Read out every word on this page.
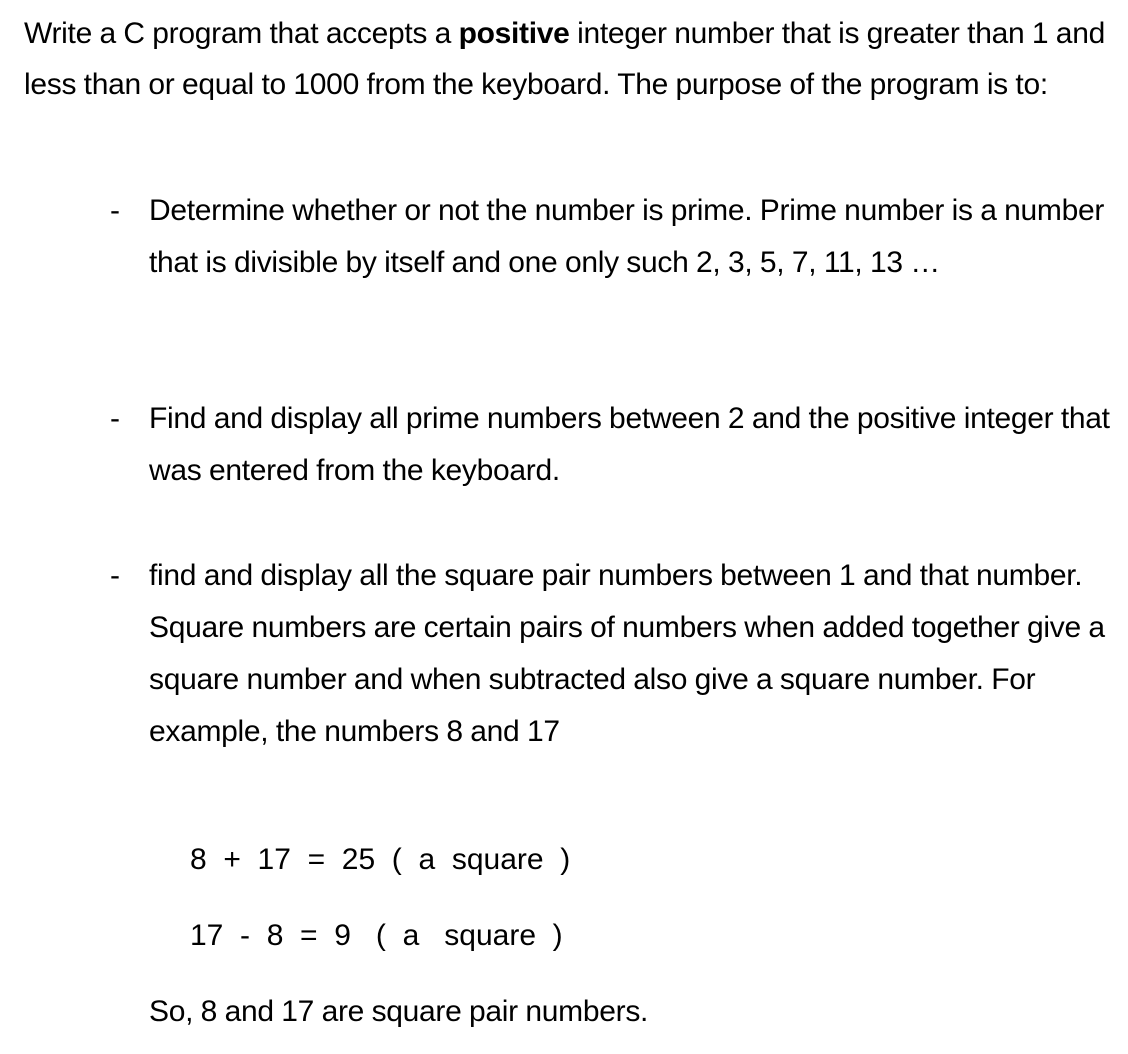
Write a C program that accepts a positive integer number that is greater than 1 and less than or equal to 1000 from the keyboard. The purpose of the program is to:

- Determine whether or not the number is prime. Prime number is a number that is divisible by itself and one only such 2, 3, 5, 7, 11, 13 …

- Find and display all prime numbers between 2 and the positive integer that was entered from the keyboard.

- find and display all the square pair numbers between 1 and that number. Square numbers are certain pairs of numbers when added together give a square number and when subtracted also give a square number. For example, the numbers 8 and 17

8  +  17  =  25  (  a  square  )
17  -  8  =  9   (  a   square  )

So, 8 and 17 are square pair numbers.
